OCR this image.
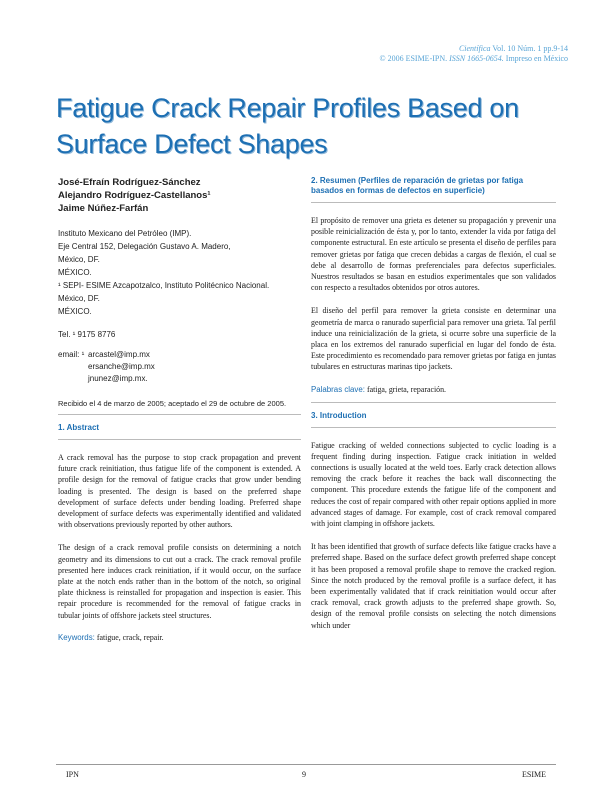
Científica Vol. 10 Núm. 1 pp.9-14
© 2006 ESIME-IPN. ISSN 1665-0654. Impreso en México
Fatigue Crack Repair Profiles Based on
Surface Defect Shapes
José-Efraín Rodríguez-Sánchez
Alejandro Rodríguez-Castellanos¹
Jaime Núñez-Farfán
Instituto Mexicano del Petróleo (IMP).
Eje Central 152, Delegación Gustavo A. Madero,
México, DF.
MÉXICO.
¹ SEPI- ESIME Azcapotzalco, Instituto Politécnico Nacional.
México, DF.
MÉXICO.
Tel. ¹ 9175 8776
email: ¹ arcastel@imp.mx
ersanche@imp.mx
jnunez@imp.mx.
Recibido el 4 de marzo de 2005; aceptado el 29 de octubre de 2005.
1. Abstract
A crack removal has the purpose to stop crack propagation and prevent future crack reinitiation, thus fatigue life of the component is extended. A profile design for the removal of fatigue cracks that grow under bending loading is presented. The design is based on the preferred shape development of surface defects under bending loading. Preferred shape development of surface defects was experimentally identified and validated with observations previously reported by other authors.
The design of a crack removal profile consists on determining a notch geometry and its dimensions to cut out a crack. The crack removal profile presented here induces crack reinitiation, if it would occur, on the surface plate at the notch ends rather than in the bottom of the notch, so original plate thickness is reinstalled for propagation and inspection is easier. This repair procedure is recommended for the removal of fatigue cracks in tubular joints of offshore jackets steel structures.
Keywords: fatigue, crack, repair.
2. Resumen (Perfiles de reparación de grietas por fatiga basados en formas de defectos en superficie)
El propósito de remover una grieta es detener su propagación y prevenir una posible reinicialización de ésta y, por lo tanto, extender la vida por fatiga del componente estructural. En este artículo se presenta el diseño de perfiles para remover grietas por fatiga que crecen debidas a cargas de flexión, el cual se debe al desarrollo de formas preferenciales para defectos superficiales. Nuestros resultados se basan en estudios experimentales que son validados con respecto a resultados obtenidos por otros autores.
El diseño del perfil para remover la grieta consiste en determinar una geometría de marca o ranurado superficial para remover una grieta. Tal perfil induce una reinicialización de la grieta, si ocurre sobre una superficie de la placa en los extremos del ranurado superficial en lugar del fondo de ésta. Este procedimiento es recomendado para remover grietas por fatiga en juntas tubulares en estructuras marinas tipo jackets.
Palabras clave: fatiga, grieta, reparación.
3. Introduction
Fatigue cracking of welded connections subjected to cyclic loading is a frequent finding during inspection. Fatigue crack initiation in welded connections is usually located at the weld toes. Early crack detection allows removing the crack before it reaches the back wall disconnecting the component. This procedure extends the fatigue life of the component and reduces the cost of repair compared with other repair options applied in more advanced stages of damage. For example, cost of crack removal compared with joint clamping in offshore jackets.
It has been identified that growth of surface defects like fatigue cracks have a preferred shape. Based on the surface defect growth preferred shape concept it has been proposed a removal profile shape to remove the cracked region. Since the notch produced by the removal profile is a surface defect, it has been experimentally validated that if crack reinitiation would occur after crack removal, crack growth adjusts to the preferred shape growth. So, design of the removal profile consists on selecting the notch dimensions which under
IPN	9	ESIME
